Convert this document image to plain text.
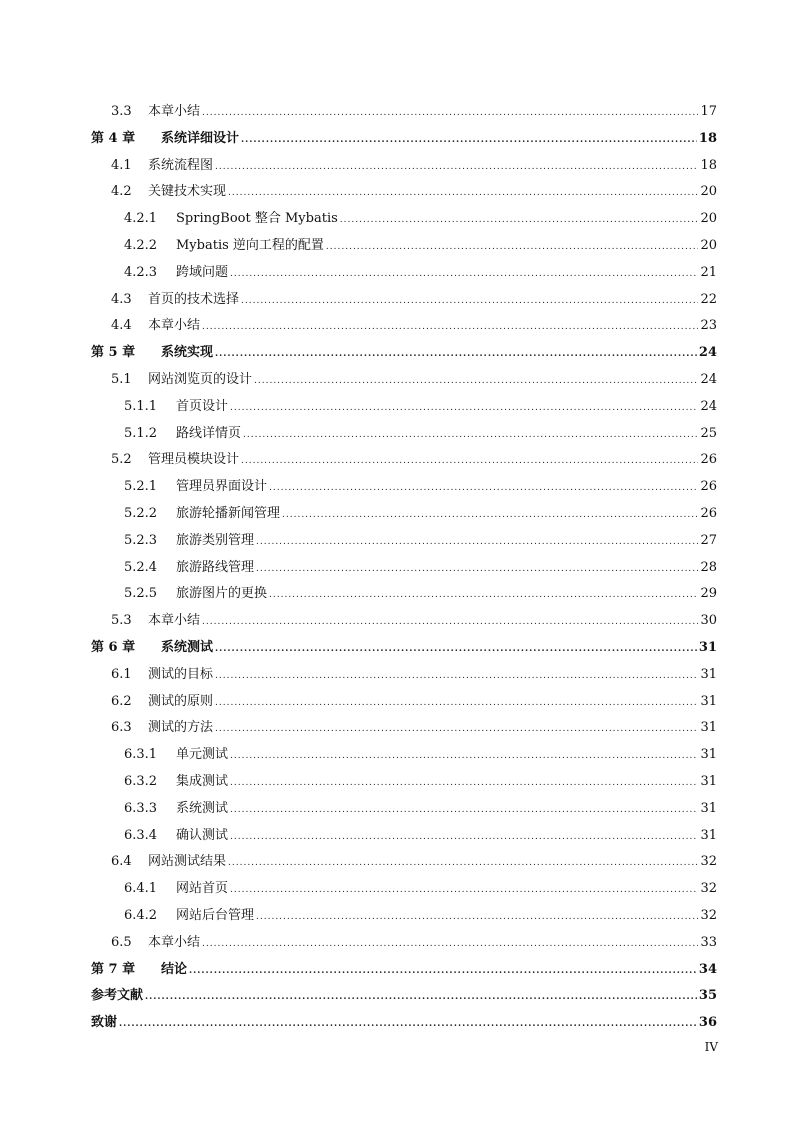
3.3	本章小结 .....	17
第 4 章	系统详细设计 .....	18
4.1	系统流程图 .....	18
4.2	关键技术实现 .....	20
4.2.1	SpringBoot 整合 Mybatis .....	20
4.2.2	Mybatis 逆向工程的配置 .....	20
4.2.3	跨域问题 .....	21
4.3	首页的技术选择 .....	22
4.4	本章小结 .....	23
第 5 章	系统实现 .....	24
5.1	网站浏览页的设计 .....	24
5.1.1	首页设计 .....	24
5.1.2	路线详情页 .....	25
5.2	管理员模块设计 .....	26
5.2.1	管理员界面设计 .....	26
5.2.2	旅游轮播新闻管理 .....	26
5.2.3	旅游类别管理 .....	27
5.2.4	旅游路线管理 .....	28
5.2.5	旅游图片的更换 .....	29
5.3	本章小结 .....	30
第 6 章	系统测试 .....	31
6.1	测试的目标 .....	31
6.2	测试的原则 .....	31
6.3	测试的方法 .....	31
6.3.1	单元测试 .....	31
6.3.2	集成测试 .....	31
6.3.3	系统测试 .....	31
6.3.4	确认测试 .....	31
6.4	网站测试结果 .....	32
6.4.1	网站首页 .....	32
6.4.2	网站后台管理 .....	32
6.5	本章小结 .....	33
第 7 章	结论 .....	34
参考文献 .....	35
致谢 .....	36
IV
